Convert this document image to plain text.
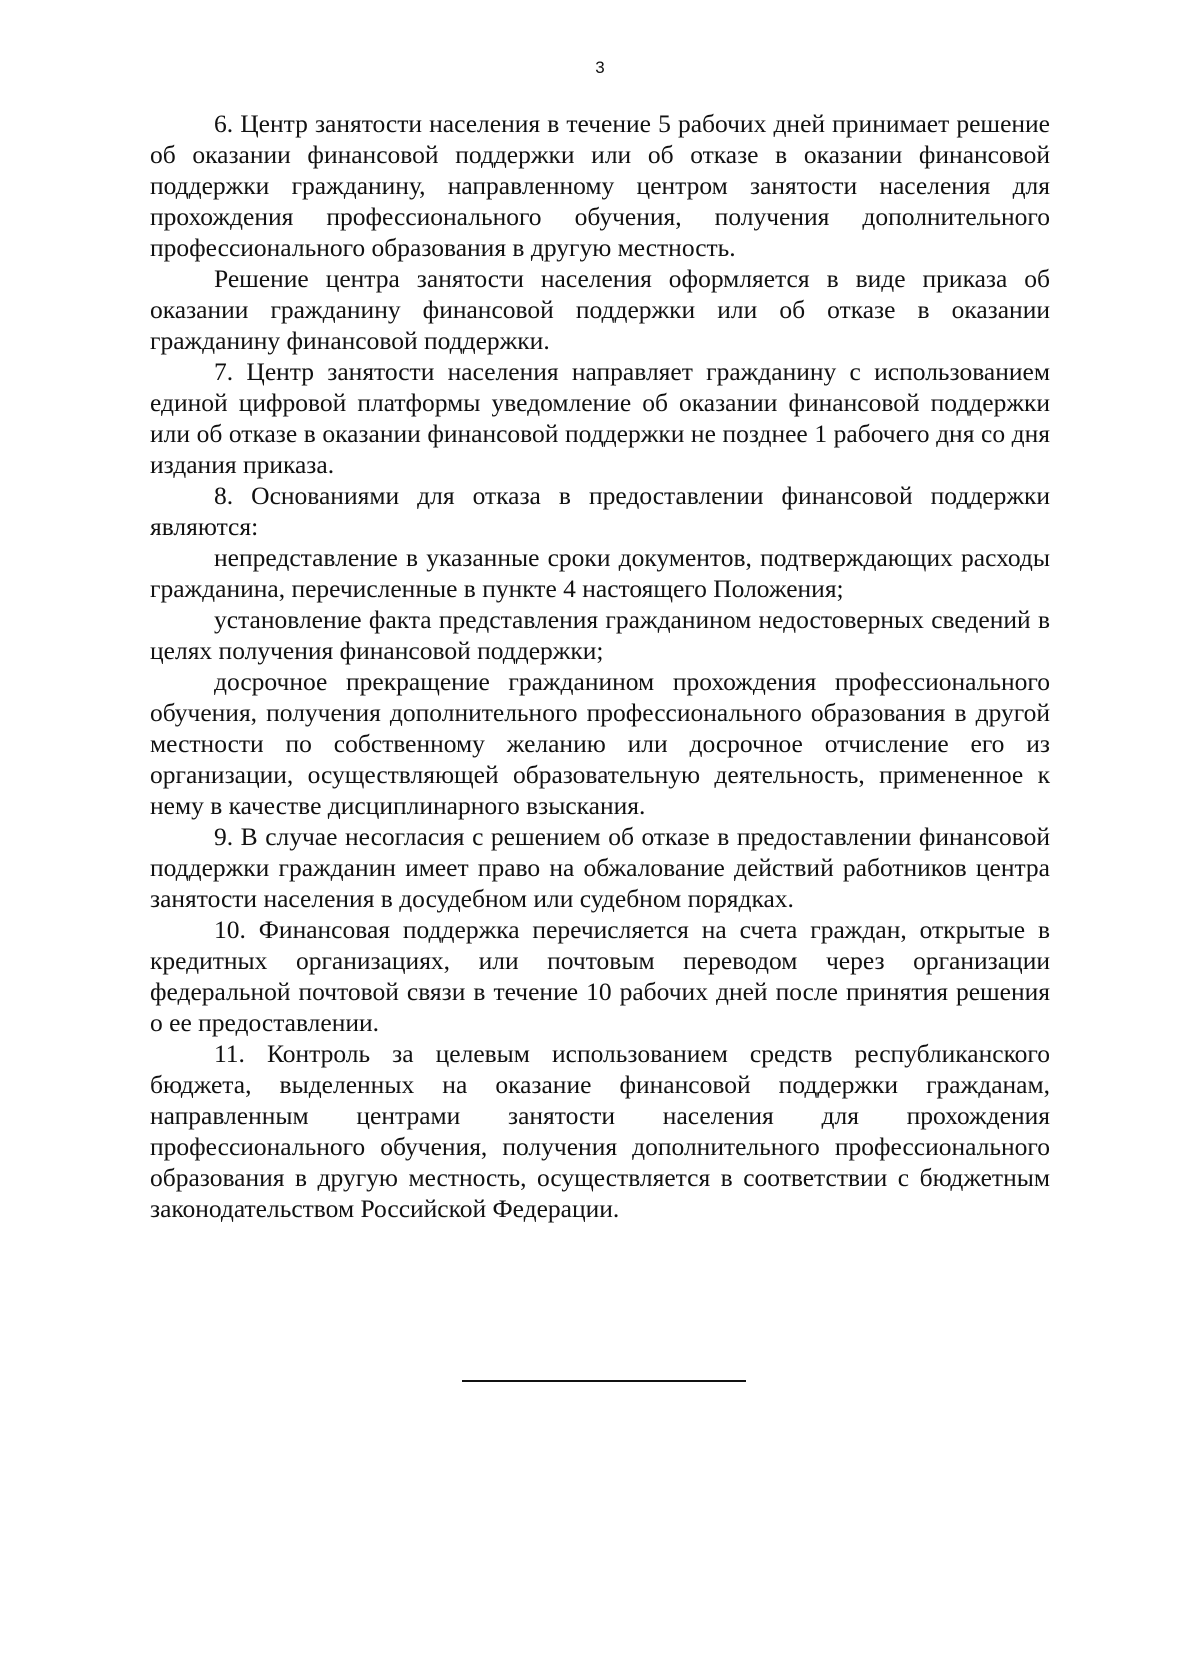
3

6. Центр занятости населения в течение 5 рабочих дней принимает решение об оказании финансовой поддержки или об отказе в оказании финансовой поддержки гражданину, направленному центром занятости населения для прохождения профессионального обучения, получения дополнительного профессионального образования в другую местность.

Решение центра занятости населения оформляется в виде приказа об оказании гражданину финансовой поддержки или об отказе в оказании гражданину финансовой поддержки.

7. Центр занятости населения направляет гражданину с использованием единой цифровой платформы уведомление об оказании финансовой поддержки или об отказе в оказании финансовой поддержки не позднее 1 рабочего дня со дня издания приказа.

8. Основаниями для отказа в предоставлении финансовой поддержки являются:

непредставление в указанные сроки документов, подтверждающих расходы гражданина, перечисленные в пункте 4 настоящего Положения;

установление факта представления гражданином недостоверных сведений в целях получения финансовой поддержки;

досрочное прекращение гражданином прохождения профессионального обучения, получения дополнительного профессионального образования в другой местности по собственному желанию или досрочное отчисление его из организации, осуществляющей образовательную деятельность, примененное к нему в качестве дисциплинарного взыскания.

9. В случае несогласия с решением об отказе в предоставлении финансовой поддержки гражданин имеет право на обжалование действий работников центра занятости населения в досудебном или судебном порядках.

10. Финансовая поддержка перечисляется на счета граждан, открытые в кредитных организациях, или почтовым переводом через организации федеральной почтовой связи в течение 10 рабочих дней после принятия решения о ее предоставлении.

11. Контроль за целевым использованием средств республиканского бюджета, выделенных на оказание финансовой поддержки гражданам, направленным центрами занятости населения для прохождения профессионального обучения, получения дополнительного профессионального образования в другую местность, осуществляется в соответствии с бюджетным законодательством Российской Федерации.
